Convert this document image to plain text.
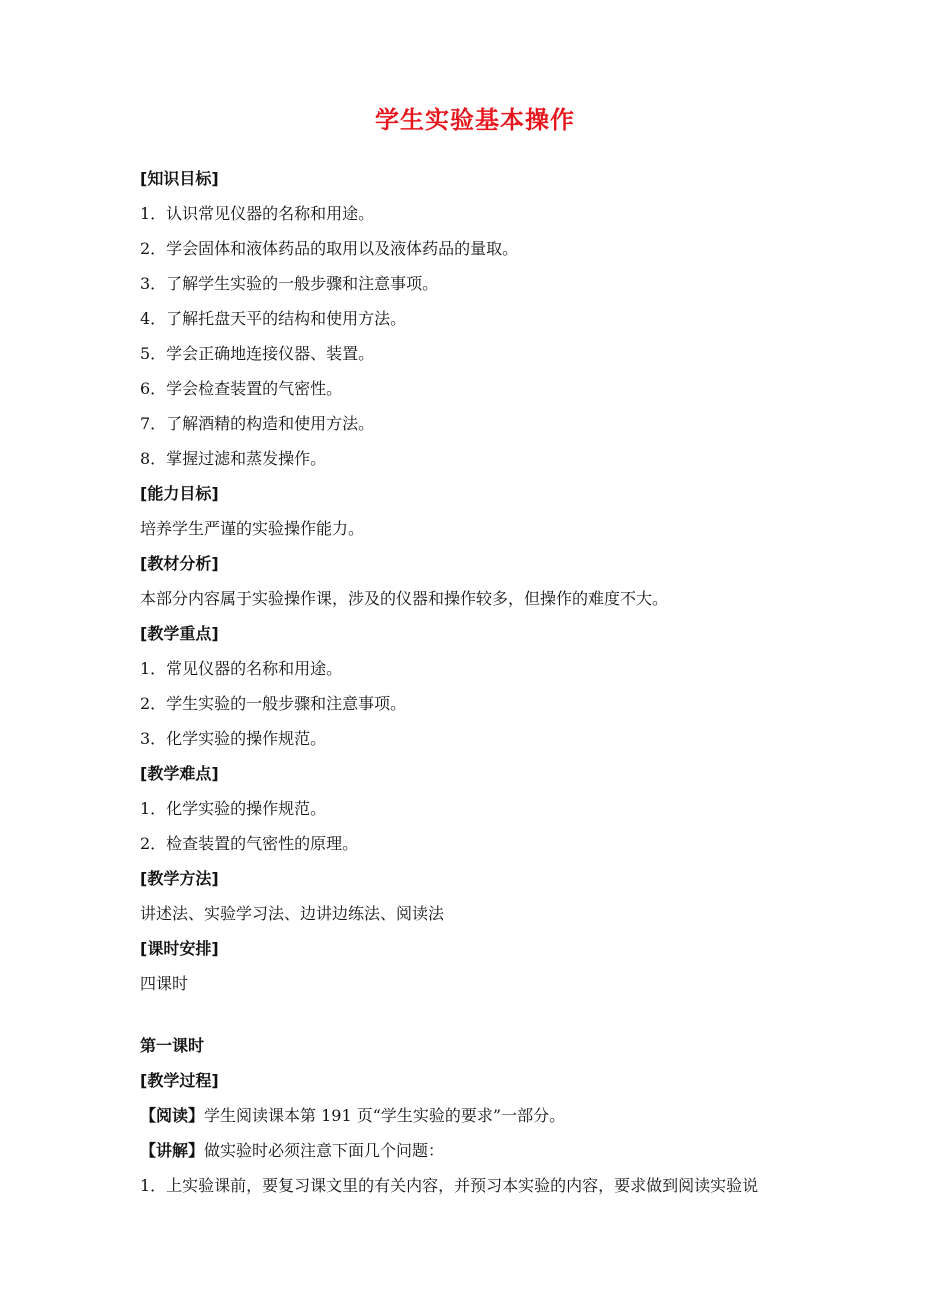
学生实验基本操作
[知识目标]
1．认识常见仪器的名称和用途。
2．学会固体和液体药品的取用以及液体药品的量取。
3．了解学生实验的一般步骤和注意事项。
4．了解托盘天平的结构和使用方法。
5．学会正确地连接仪器、装置。
6．学会检查装置的气密性。
7．了解酒精的构造和使用方法。
8．掌握过滤和蒸发操作。
[能力目标]
培养学生严谨的实验操作能力。
[教材分析]
本部分内容属于实验操作课，涉及的仪器和操作较多，但操作的难度不大。
[教学重点]
1．常见仪器的名称和用途。
2．学生实验的一般步骤和注意事项。
3．化学实验的操作规范。
[教学难点]
1．化学实验的操作规范。
2．检查装置的气密性的原理。
[教学方法]
讲述法、实验学习法、边讲边练法、阅读法
[课时安排]
四课时
第一课时
[教学过程]
【阅读】学生阅读课本第 191 页“学生实验的要求”一部分。
【讲解】做实验时必须注意下面几个问题：
1．上实验课前，要复习课文里的有关内容，并预习本实验的内容，要求做到阅读实验说
